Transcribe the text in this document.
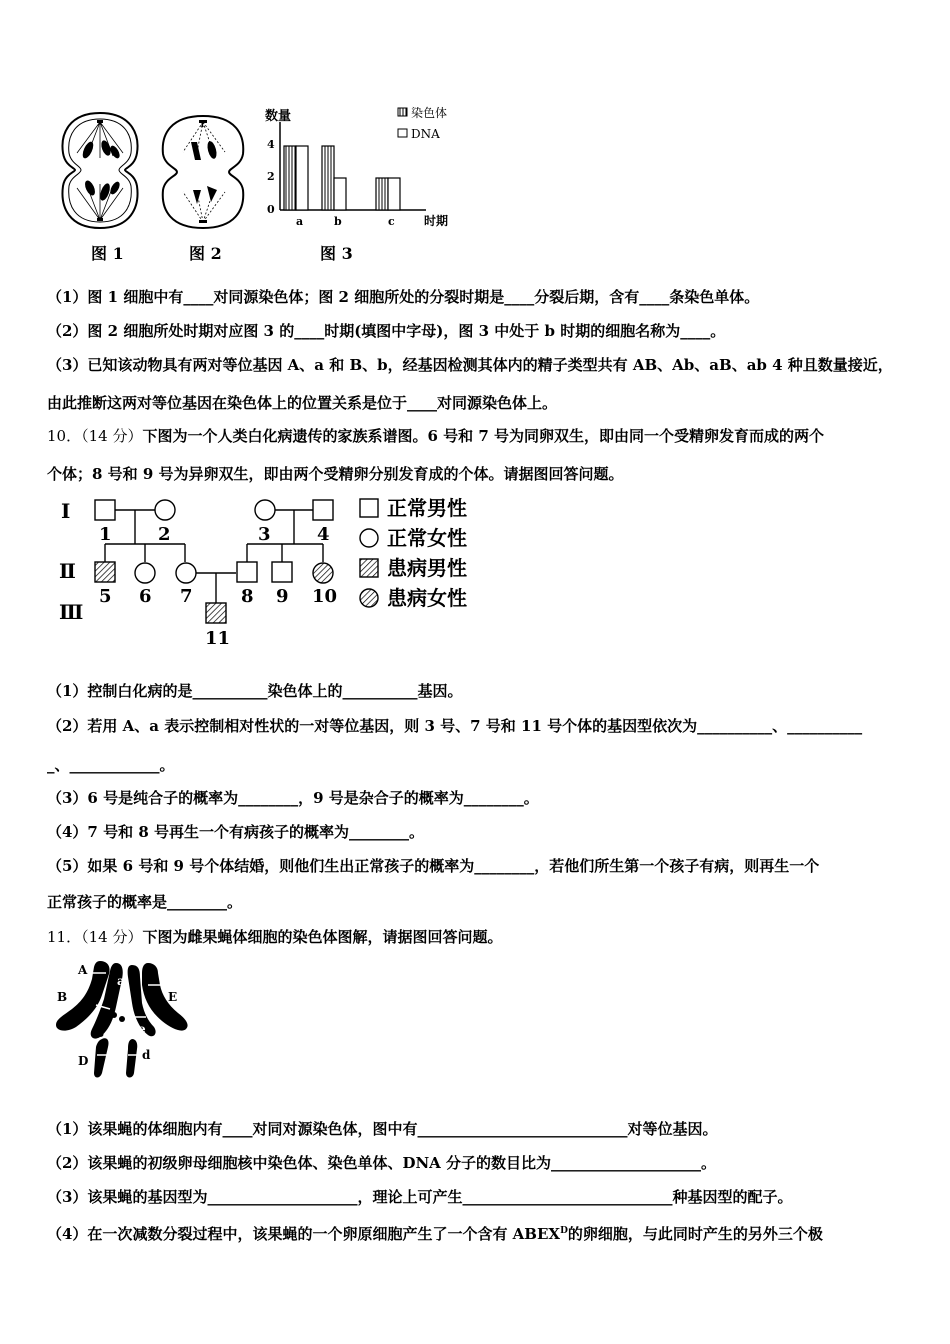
T
数量
4
2
0
a	b	c 时期
染色体
DNA
图 1	图 2	图 3
（1）图 1 细胞中有____对同源染色体；图 2 细胞所处的分裂时期是____分裂后期，含有____条染色单体。
（2）图 2 细胞所处时期对应图 3 的____时期(填图中字母)，图 3 中处于 b 时期的细胞名称为____。
（3）已知该动物具有两对等位基因 A、a 和 B、b，经基因检测其体内的精子类型共有 AB、Ab、aB、ab 4 种且数量接近，
由此推断这两对等位基因在染色体上的位置关系是位于____对同源染色体上。
10．（14 分）下图为一个人类白化病遗传的家族系谱图。6 号和 7 号为同卵双生，即由同一个受精卵发育而成的两个
个体；8 号和 9 号为异卵双生，即由两个受精卵分别发育成的个体。请据图回答问题。
Ⅰ
Ⅱ
Ⅲ
1	2	3	4
5 6 7	8 9 10
11
正常男性
正常女性
患病男性
患病女性
（1）控制白化病的是__________染色体上的__________基因。
（2）若用 A、a 表示控制相对性状的一对等位基因，则 3 号、7 号和 11 号个体的基因型依次为__________、__________
_、____________。
（3）6 号是纯合子的概率为________，9 号是杂合子的概率为________。
（4）7 号和 8 号再生一个有病孩子的概率为________。
（5）如果 6 号和 9 号个体结婚，则他们生出正常孩子的概率为________，若他们所生第一个孩子有病，则再生一个
正常孩子的概率是________。
11．（14 分）下图为雌果蝇体细胞的染色体图解，请据图回答问题。
A
a
B	E
B	e
D	d
（1）该果蝇的体细胞内有____对同对源染色体，图中有____________________________对等位基因。
（2）该果蝇的初级卵母细胞核中染色体、染色单体、DNA 分子的数目比为____________________。
（3）该果蝇的基因型为____________________，理论上可产生____________________________种基因型的配子。
（4）在一次减数分裂过程中，该果蝇的一个卵原细胞产生了一个含有 $ABEX^D$的卵细胞，与此同时产生的另外三个极
